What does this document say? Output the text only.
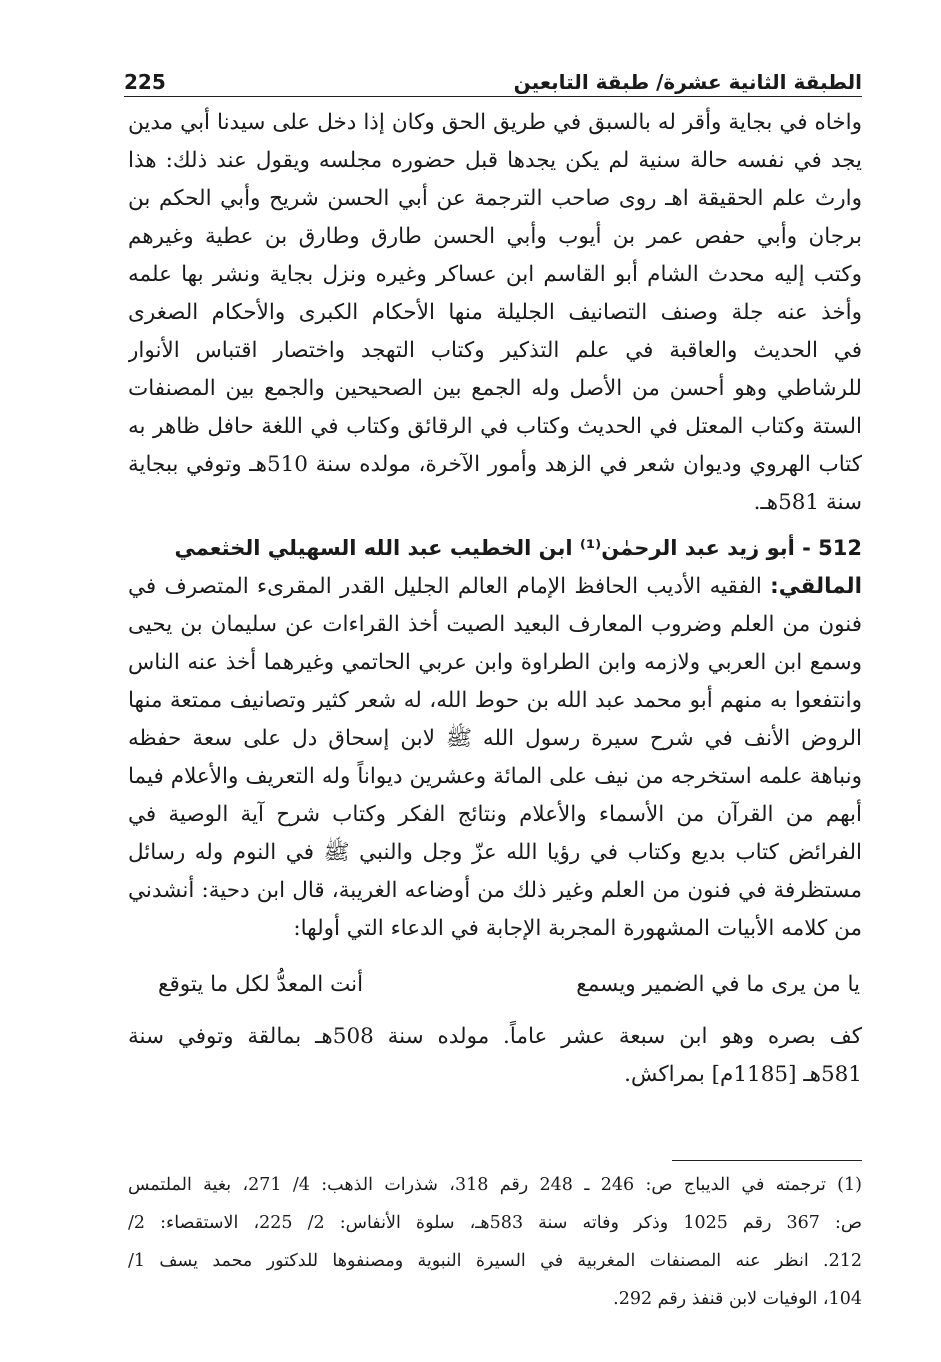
الطبقة الثانية عشرة/ طبقة التابعين
225
واخاه في بجاية وأقر له بالسبق في طريق الحق وكان إذا دخل على سيدنا أبي مدين
يجد في نفسه حالة سنية لم يكن يجدها قبل حضوره مجلسه ويقول عند ذلك: هذا
وارث علم الحقيقة اهـ روى صاحب الترجمة عن أبي الحسن شريح وأبي الحكم بن
برجان وأبي حفص عمر بن أيوب وأبي الحسن طارق وطارق بن عطية وغيرهم
وكتب إليه محدث الشام أبو القاسم ابن عساكر وغيره ونزل بجاية ونشر بها علمه
وأخذ عنه جلة وصنف التصانيف الجليلة منها الأحكام الكبرى والأحكام الصغرى
في الحديث والعاقبة في علم التذكير وكتاب التهجد واختصار اقتباس الأنوار
للرشاطي وهو أحسن من الأصل وله الجمع بين الصحيحين والجمع بين المصنفات
الستة وكتاب المعتل في الحديث وكتاب في الرقائق وكتاب في اللغة حافل ظاهر به
كتاب الهروي وديوان شعر في الزهد وأمور الآخرة، مولده سنة 510هـ وتوفي ببجاية
سنة 581هـ.
512 - أبو زيد عبد الرحمٰن⁽¹⁾ ابن الخطيب عبد الله السهيلي الخثعمي
المالقي: الفقيه الأديب الحافظ الإمام العالم الجليل القدر المقرىء المتصرف في
فنون من العلم وضروب المعارف البعيد الصيت أخذ القراءات عن سليمان بن يحيى
وسمع ابن العربي ولازمه وابن الطراوة وابن عربي الحاتمي وغيرهما أخذ عنه الناس
وانتفعوا به منهم أبو محمد عبد الله بن حوط الله، له شعر كثير وتصانيف ممتعة منها
الروض الأنف في شرح سيرة رسول الله ﷺ لابن إسحاق دل على سعة حفظه
ونباهة علمه استخرجه من نيف على المائة وعشرين ديواناً وله التعريف والأعلام فيما
أبهم من القرآن من الأسماء والأعلام ونتائج الفكر وكتاب شرح آية الوصية في
الفرائض كتاب بديع وكتاب في رؤيا الله عزّ وجل والنبي ﷺ في النوم وله رسائل
مستظرفة في فنون من العلم وغير ذلك من أوضاعه الغريبة، قال ابن دحية: أنشدني
من كلامه الأبيات المشهورة المجربة الإجابة في الدعاء التي أولها:
يا من يرى ما في الضمير ويسمع
أنت المعدُّ لكل ما يتوقع
كف بصره وهو ابن سبعة عشر عاماً. مولده سنة 508هـ بمالقة وتوفي سنة
581هـ [1185م] بمراكش.
(1) ترجمته في الديباج ص: 246 ـ 248 رقم 318، شذرات الذهب: 4/ 271، بغية الملتمس
ص: 367 رقم 1025 وذكر وفاته سنة 583هـ، سلوة الأنفاس: 2/ 225، الاستقصاء: 2/
212. انظر عنه المصنفات المغربية في السيرة النبوية ومصنفوها للدكتور محمد يسف 1/
104، الوفيات لابن قنفذ رقم 292.
